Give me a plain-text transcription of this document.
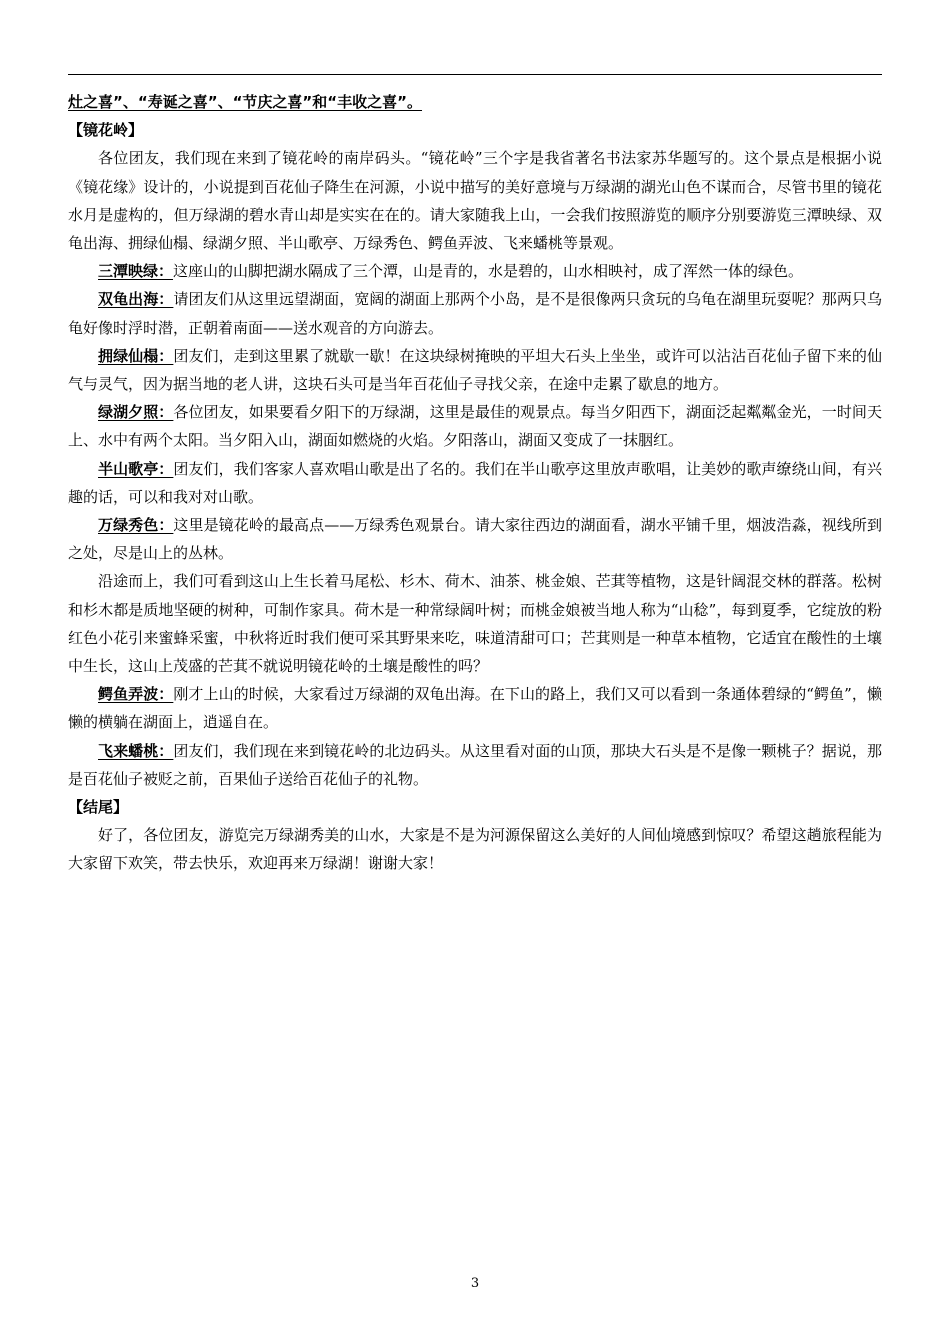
灶之喜”、“寿诞之喜”、“节庆之喜”和“丰收之喜”。

【镜花岭】

各位团友，我们现在来到了镜花岭的南岸码头。“镜花岭”三个字是我省著名书法家苏华题写的。这个景点是根据小说《镜花缘》设计的，小说提到百花仙子降生在河源，小说中描写的美好意境与万绿湖的湖光山色不谋而合，尽管书里的镜花水月是虚构的，但万绿湖的碧水青山却是实实在在的。请大家随我上山，一会我们按照游览的顺序分别要游览三潭映绿、双龟出海、拥绿仙榻、绿湖夕照、半山歌亭、万绿秀色、鳄鱼弄波、飞来蟠桃等景观。

三潭映绿：这座山的山脚把湖水隔成了三个潭，山是青的，水是碧的，山水相映衬，成了浑然一体的绿色。

双龟出海：请团友们从这里远望湖面，宽阔的湖面上那两个小岛，是不是很像两只贪玩的乌龟在湖里玩耍呢？那两只乌龟好像时浮时潜，正朝着南面——送水观音的方向游去。

拥绿仙榻：团友们，走到这里累了就歇一歇！在这块绿树掩映的平坦大石头上坐坐，或许可以沾沾百花仙子留下来的仙气与灵气，因为据当地的老人讲，这块石头可是当年百花仙子寻找父亲，在途中走累了歇息的地方。

绿湖夕照：各位团友，如果要看夕阳下的万绿湖，这里是最佳的观景点。每当夕阳西下，湖面泛起粼粼金光，一时间天上、水中有两个太阳。当夕阳入山，湖面如燃烧的火焰。夕阳落山，湖面又变成了一抹胭红。

半山歌亭：团友们，我们客家人喜欢唱山歌是出了名的。我们在半山歌亭这里放声歌唱，让美妙的歌声缭绕山间，有兴趣的话，可以和我对对山歌。

万绿秀色：这里是镜花岭的最高点——万绿秀色观景台。请大家往西边的湖面看，湖水平铺千里，烟波浩淼，视线所到之处，尽是山上的丛林。

沿途而上，我们可看到这山上生长着马尾松、杉木、荷木、油茶、桃金娘、芒萁等植物，这是针阔混交林的群落。松树和杉木都是质地坚硬的树种，可制作家具。荷木是一种常绿阔叶树；而桃金娘被当地人称为“山稔”，每到夏季，它绽放的粉红色小花引来蜜蜂采蜜，中秋将近时我们便可采其野果来吃，味道清甜可口；芒萁则是一种草本植物，它适宜在酸性的土壤中生长，这山上茂盛的芒萁不就说明镜花岭的土壤是酸性的吗？

鳄鱼弄波：刚才上山的时候，大家看过万绿湖的双龟出海。在下山的路上，我们又可以看到一条通体碧绿的“鳄鱼”，懒懒的横躺在湖面上，逍遥自在。

飞来蟠桃：团友们，我们现在来到镜花岭的北边码头。从这里看对面的山顶，那块大石头是不是像一颗桃子？据说，那是百花仙子被贬之前，百果仙子送给百花仙子的礼物。

【结尾】

好了，各位团友，游览完万绿湖秀美的山水，大家是不是为河源保留这么美好的人间仙境感到惊叹？希望这趟旅程能为大家留下欢笑，带去快乐，欢迎再来万绿湖！谢谢大家！

3
